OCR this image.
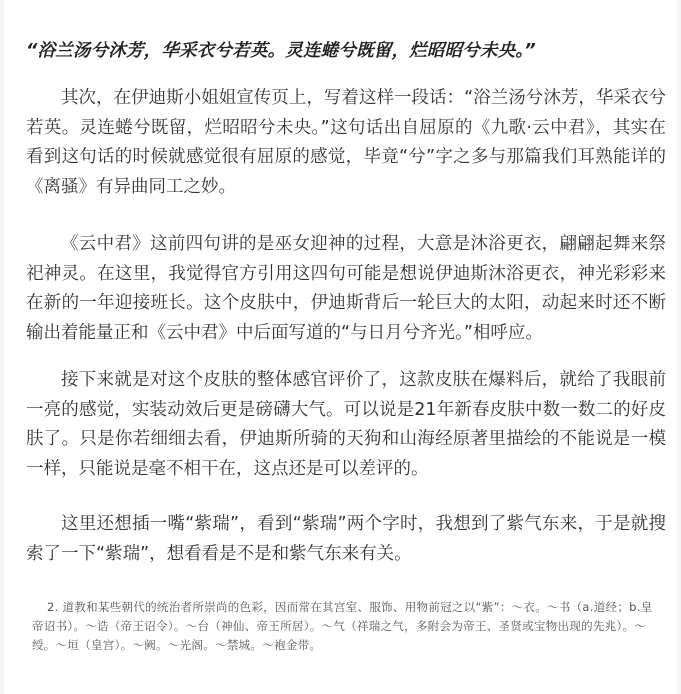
“浴兰汤兮沐芳，华采衣兮若英。灵连蜷兮既留，烂昭昭兮未央。”

其次，在伊迪斯小姐姐宣传页上，写着这样一段话：“浴兰汤兮沐芳，华采衣兮若英。灵连蜷兮既留，烂昭昭兮未央。”这句话出自屈原的《九歌·云中君》，其实在看到这句话的时候就感觉很有屈原的感觉，毕竟“兮”字之多与那篇我们耳熟能详的《离骚》有异曲同工之妙。

《云中君》这前四句讲的是巫女迎神的过程，大意是沐浴更衣，翩翩起舞来祭祀神灵。在这里，我觉得官方引用这四句可能是想说伊迪斯沐浴更衣，神光彩彩来在新的一年迎接班长。这个皮肤中，伊迪斯背后一轮巨大的太阳，动起来时还不断输出着能量正和《云中君》中后面写道的“与日月兮齐光。”相呼应。

接下来就是对这个皮肤的整体感官评价了，这款皮肤在爆料后，就给了我眼前一亮的感觉，实装动效后更是磅礴大气。可以说是21年新春皮肤中数一数二的好皮肤了。只是你若细细去看，伊迪斯所骑的天狗和山海经原著里描绘的不能说是一模一样，只能说是毫不相干在，这点还是可以差评的。

这里还想插一嘴“紫瑞”，看到“紫瑞”两个字时，我想到了紫气东来，于是就搜索了一下“紫瑞”，想看看是不是和紫气东来有关。

2. 道教和某些朝代的统治者所崇尚的色彩，因而常在其宫室、服饰、用物前冠之以“紫”：～衣。～书（a.道经；b.皇帝诏书）。～诰（帝王诏令）。～台（神仙、帝王所居）。～气（祥瑞之气，多附会为帝王、圣贤或宝物出现的先兆）。～绶。～垣（皇宫）。～阙。～光阁。～禁城。～袍金带。
